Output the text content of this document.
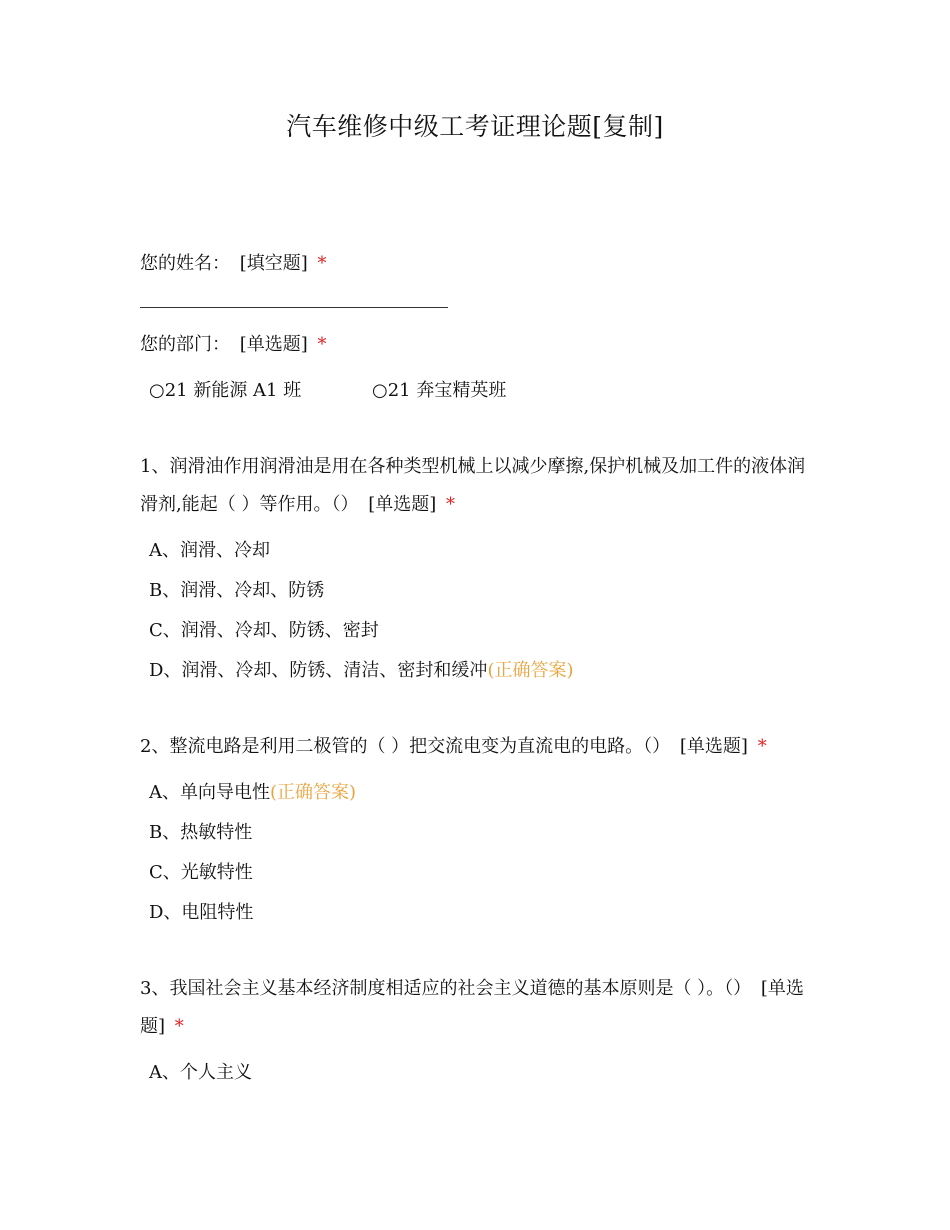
汽车维修中级工考证理论题[复制]
您的姓名： [填空题] *
您的部门： [单选题] *
○21 新能源 A1 班	○21 奔宝精英班
1、润滑油作用润滑油是用在各种类型机械上以减少摩擦,保护机械及加工件的液体润滑剂,能起（ ）等作用。（） [单选题] *
A、润滑、冷却
B、润滑、冷却、防锈
C、润滑、冷却、防锈、密封
D、润滑、冷却、防锈、清洁、密封和缓冲(正确答案)
2、整流电路是利用二极管的（ ）把交流电变为直流电的电路。（） [单选题] *
A、单向导电性(正确答案)
B、热敏特性
C、光敏特性
D、电阻特性
3、我国社会主义基本经济制度相适应的社会主义道德的基本原则是（ ）。（） [单选题] *
A、个人主义
